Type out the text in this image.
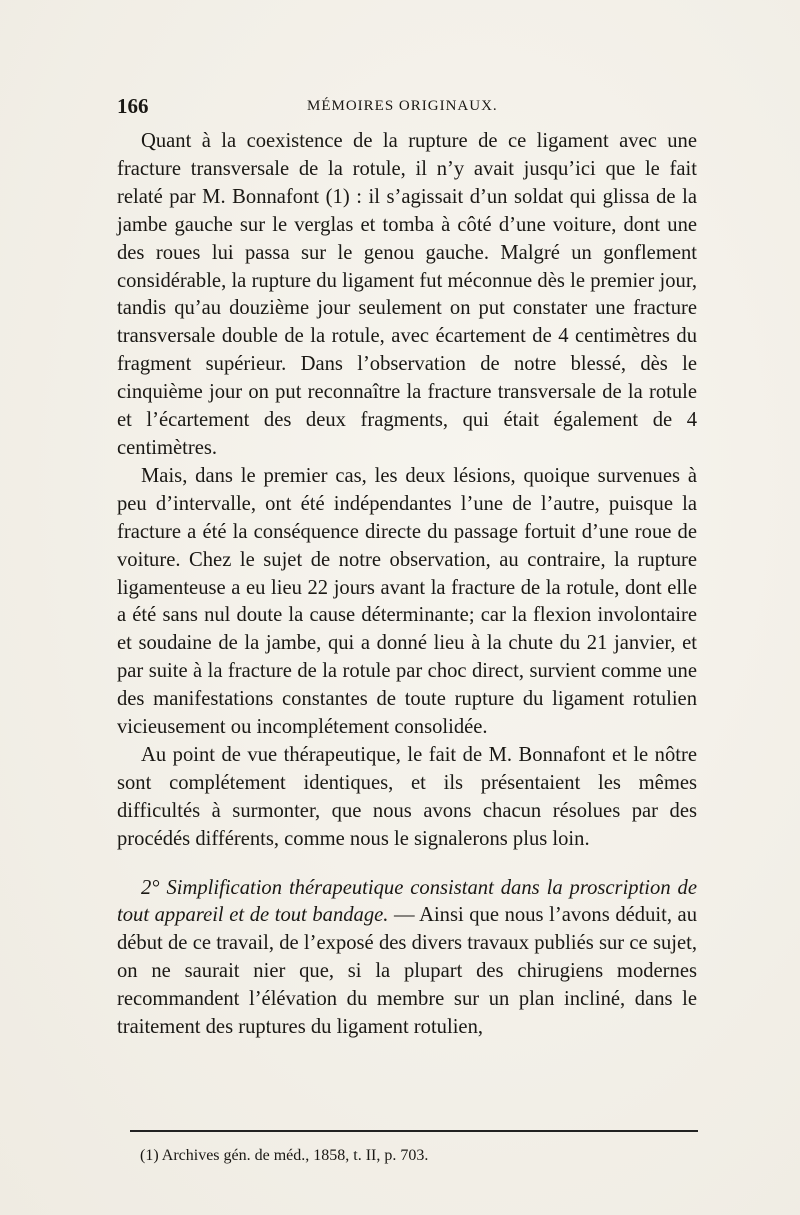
166	MÉMOIRES ORIGINAUX.

Quant à la coexistence de la rupture de ce ligament avec une fracture transversale de la rotule, il n’y avait jusqu’ici que le fait relaté par M. Bonnafont (1) : il s’agissait d’un soldat qui glissa de la jambe gauche sur le verglas et tomba à côté d’une voiture, dont une des roues lui passa sur le genou gauche. Malgré un gonflement considérable, la rupture du ligament fut méconnue dès le premier jour, tandis qu’au douzième jour seulement on put constater une fracture transversale double de la rotule, avec écartement de 4 centimètres du fragment supérieur. Dans l’observation de notre blessé, dès le cinquième jour on put reconnaître la fracture transversale de la rotule et l’écartement des deux fragments, qui était également de 4 centimètres.

Mais, dans le premier cas, les deux lésions, quoique survenues à peu d’intervalle, ont été indépendantes l’une de l’autre, puisque la fracture a été la conséquence directe du passage fortuit d’une roue de voiture. Chez le sujet de notre observation, au contraire, la rupture ligamenteuse a eu lieu 22 jours avant la fracture de la rotule, dont elle a été sans nul doute la cause déterminante; car la flexion involontaire et soudaine de la jambe, qui a donné lieu à la chute du 21 janvier, et par suite à la fracture de la rotule par choc direct, survient comme une des manifestations constantes de toute rupture du ligament rotulien vicieusement ou incomplétement consolidée.

Au point de vue thérapeutique, le fait de M. Bonnafont et le nôtre sont complétement identiques, et ils présentaient les mêmes difficultés à surmonter, que nous avons chacun résolues par des procédés différents, comme nous le signalerons plus loin.

2° Simplification thérapeutique consistant dans la proscription de tout appareil et de tout bandage. — Ainsi que nous l’avons déduit, au début de ce travail, de l’exposé des divers travaux publiés sur ce sujet, on ne saurait nier que, si la plupart des chirugiens modernes recommandent l’élévation du membre sur un plan incliné, dans le traitement des ruptures du ligament rotulien,

(1) Archives gén. de méd., 1858, t. II, p. 703.
